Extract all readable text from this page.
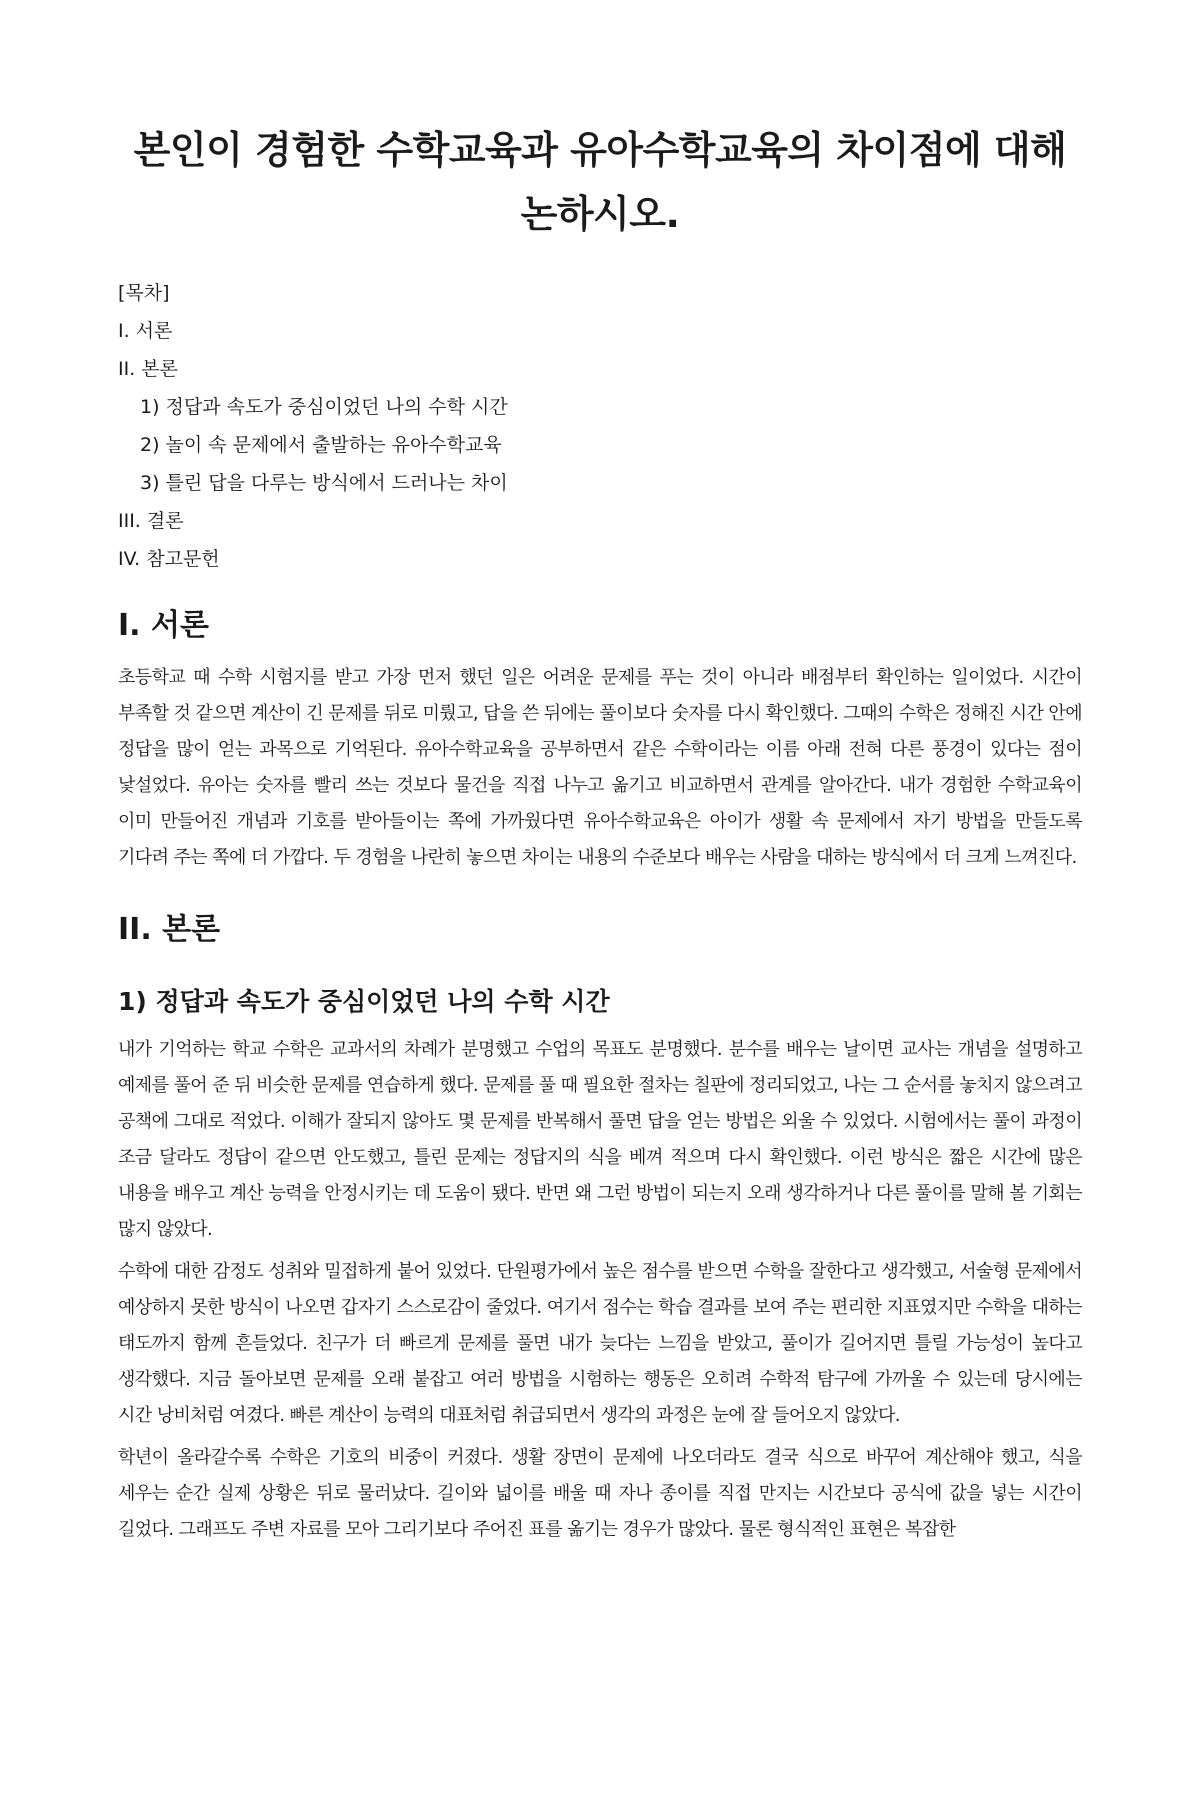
본인이 경험한 수학교육과 유아수학교육의 차이점에 대해 논하시오.
[목차]
I. 서론
II. 본론
1) 정답과 속도가 중심이었던 나의 수학 시간
2) 놀이 속 문제에서 출발하는 유아수학교육
3) 틀린 답을 다루는 방식에서 드러나는 차이
III. 결론
IV. 참고문헌
I. 서론

초등학교 때 수학 시험지를 받고 가장 먼저 했던 일은 어려운 문제를 푸는 것이 아니라 배점부터 확인하는 일이었다. 시간이 부족할 것 같으면 계산이 긴 문제를 뒤로 미뤘고, 답을 쓴 뒤에는 풀이보다 숫자를 다시 확인했다. 그때의 수학은 정해진 시간 안에 정답을 많이 얻는 과목으로 기억된다. 유아수학교육을 공부하면서 같은 수학이라는 이름 아래 전혀 다른 풍경이 있다는 점이 낯설었다. 유아는 숫자를 빨리 쓰는 것보다 물건을 직접 나누고 옮기고 비교하면서 관계를 알아간다. 내가 경험한 수학교육이 이미 만들어진 개념과 기호를 받아들이는 쪽에 가까웠다면 유아수학교육은 아이가 생활 속 문제에서 자기 방법을 만들도록 기다려 주는 쪽에 더 가깝다. 두 경험을 나란히 놓으면 차이는 내용의 수준보다 배우는 사람을 대하는 방식에서 더 크게 느껴진다.

II. 본론
1) 정답과 속도가 중심이었던 나의 수학 시간

내가 기억하는 학교 수학은 교과서의 차례가 분명했고 수업의 목표도 분명했다. 분수를 배우는 날이면 교사는 개념을 설명하고 예제를 풀어 준 뒤 비슷한 문제를 연습하게 했다. 문제를 풀 때 필요한 절차는 칠판에 정리되었고, 나는 그 순서를 놓치지 않으려고 공책에 그대로 적었다. 이해가 잘되지 않아도 몇 문제를 반복해서 풀면 답을 얻는 방법은 외울 수 있었다. 시험에서는 풀이 과정이 조금 달라도 정답이 같으면 안도했고, 틀린 문제는 정답지의 식을 베껴 적으며 다시 확인했다. 이런 방식은 짧은 시간에 많은 내용을 배우고 계산 능력을 안정시키는 데 도움이 됐다. 반면 왜 그런 방법이 되는지 오래 생각하거나 다른 풀이를 말해 볼 기회는 많지 않았다.

수학에 대한 감정도 성취와 밀접하게 붙어 있었다. 단원평가에서 높은 점수를 받으면 수학을 잘한다고 생각했고, 서술형 문제에서 예상하지 못한 방식이 나오면 갑자기 스스로감이 줄었다. 여기서 점수는 학습 결과를 보여 주는 편리한 지표였지만 수학을 대하는 태도까지 함께 흔들었다. 친구가 더 빠르게 문제를 풀면 내가 늦다는 느낌을 받았고, 풀이가 길어지면 틀릴 가능성이 높다고 생각했다. 지금 돌아보면 문제를 오래 붙잡고 여러 방법을 시험하는 행동은 오히려 수학적 탐구에 가까울 수 있는데 당시에는 시간 낭비처럼 여겼다. 빠른 계산이 능력의 대표처럼 취급되면서 생각의 과정은 눈에 잘 들어오지 않았다.

학년이 올라갈수록 수학은 기호의 비중이 커졌다. 생활 장면이 문제에 나오더라도 결국 식으로 바꾸어 계산해야 했고, 식을 세우는 순간 실제 상황은 뒤로 물러났다. 길이와 넓이를 배울 때 자나 종이를 직접 만지는 시간보다 공식에 값을 넣는 시간이 길었다. 그래프도 주변 자료를 모아 그리기보다 주어진 표를 옮기는 경우가 많았다. 물론 형식적인 표현은 복잡한
